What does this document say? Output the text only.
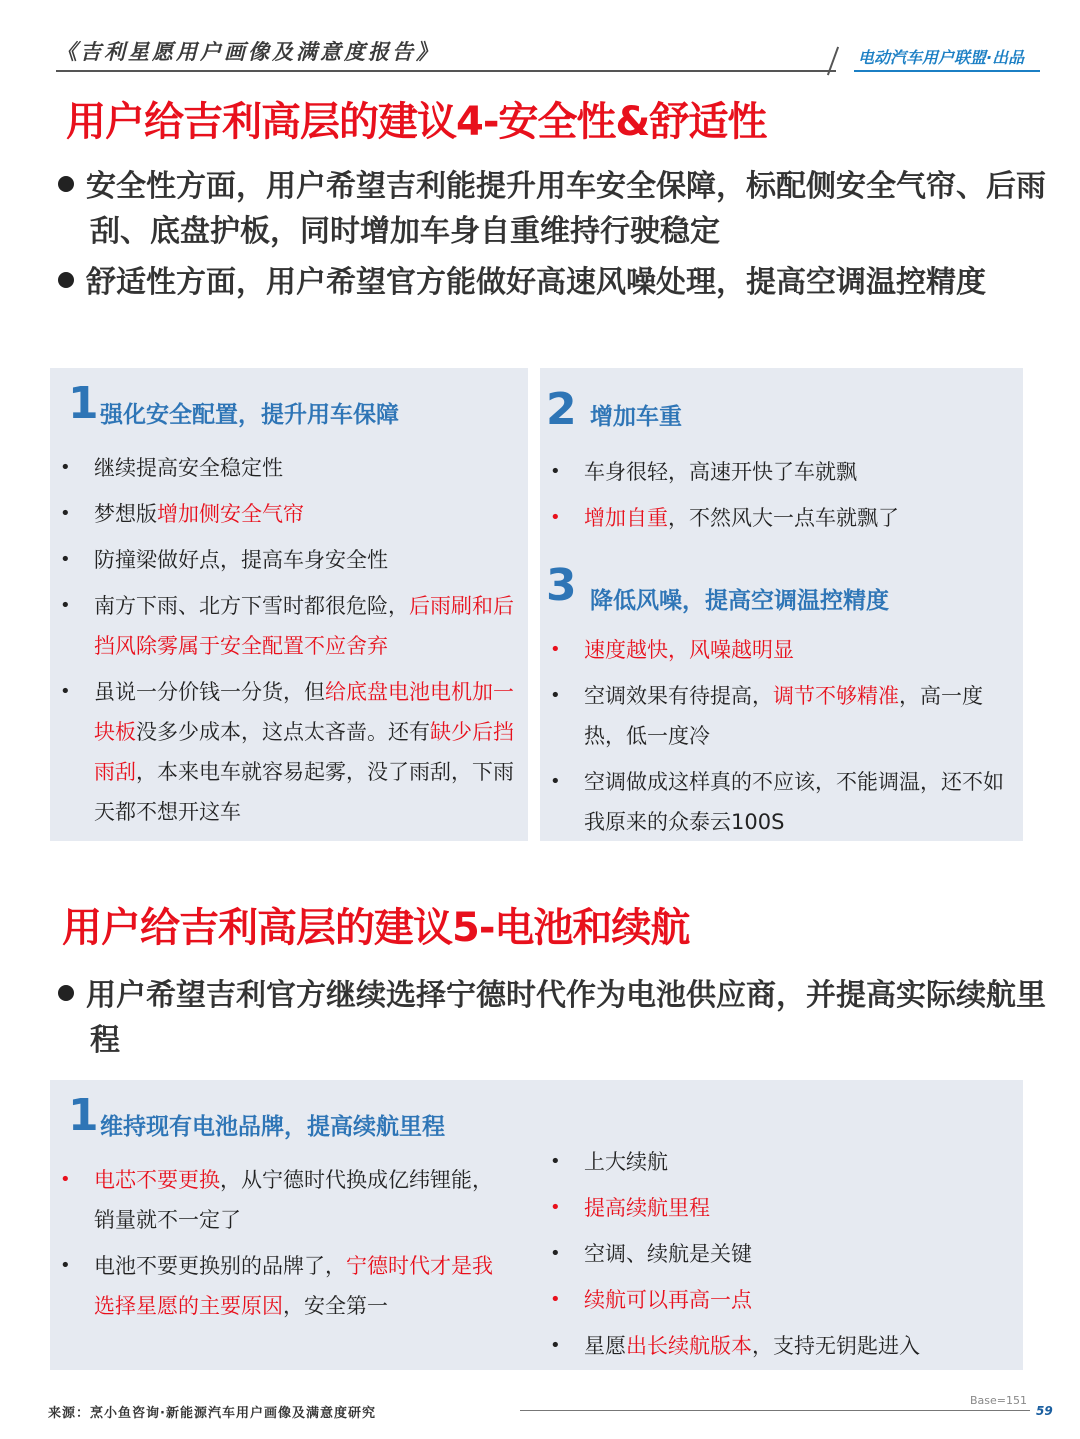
《吉利星愿用户画像及满意度报告》	电动汽车用户联盟·出品
用户给吉利高层的建议4-安全性&舒适性
安全性方面，用户希望吉利能提升用车安全保障，标配侧安全气帘、后雨刮、底盘护板，同时增加车身自重维持行驶稳定
舒适性方面，用户希望官方能做好高速风噪处理，提高空调温控精度
1 强化安全配置，提升用车保障
• 继续提高安全稳定性
• 梦想版增加侧安全气帘
• 防撞梁做好点，提高车身安全性
• 南方下雨、北方下雪时都很危险，后雨刷和后挡风除雾属于安全配置不应舍弃
• 虽说一分价钱一分货，但给底盘电池电机加一块板没多少成本，这点太吝啬。还有缺少后挡雨刮，本来电车就容易起雾，没了雨刮，下雨天都不想开这车
2 增加车重
• 车身很轻，高速开快了车就飘
• 增加自重，不然风大一点车就飘了
3 降低风噪，提高空调温控精度
• 速度越快，风噪越明显
• 空调效果有待提高，调节不够精准，高一度热，低一度冷
• 空调做成这样真的不应该，不能调温，还不如我原来的众泰云100S
用户给吉利高层的建议5-电池和续航
用户希望吉利官方继续选择宁德时代作为电池供应商，并提高实际续航里程
1 维持现有电池品牌，提高续航里程
• 电芯不要更换，从宁德时代换成亿纬锂能，销量就不一定了
• 电池不要更换别的品牌了，宁德时代才是我选择星愿的主要原因，安全第一
• 上大续航
• 提高续航里程
• 空调、续航是关键
• 续航可以再高一点
• 星愿出长续航版本，支持无钥匙进入
来源：烹小鱼咨询·新能源汽车用户画像及满意度研究
Base=151
59
